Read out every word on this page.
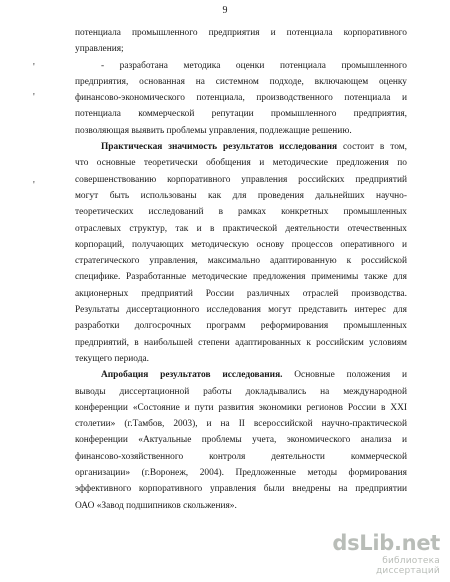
9
'
'
'

потенциала промышленного предприятия и потенциала корпоративного

управления;

- разработана методика оценки потенциала промышленного

предприятия, основанная на системном подходе, включающем оценку

финансово-экономического потенциала, производственного потенциала и

потенциала коммерческой репутации промышленного предприятия,

позволяющая выявить проблемы управления, подлежащие решению.

Практическая значимость результатов исследования состоит в том,

что основные теоретически обобщения и методические предложения по

совершенствованию корпоративного управления российских предприятий

могут быть использованы как для проведения дальнейших научно-

теоретических исследований в рамках конкретных промышленных

отраслевых структур, так и в практической деятельности отечественных

корпораций, получающих методическую основу процессов оперативного и

стратегического управления, максимально адаптированную к российской

специфике. Разработанные методические предложения применимы также для

акционерных предприятий России различных отраслей производства.

Результаты диссертационного исследования могут представить интерес для

разработки долгосрочных программ реформирования промышленных

предприятий, в наибольшей степени адаптированных к российским условиям

текущего периода.

Апробация результатов исследования. Основные положения и

выводы диссертационной работы докладывались на международной

конференции «Состояние и пути развития экономики регионов России в XXI

столетии» (г.Тамбов, 2003), и на II всероссийской научно-практической

конференции «Актуальные проблемы учета, экономического анализа и

финансово-хозяйственного контроля деятельности коммерческой

организации» (г.Воронеж, 2004). Предложенные методы формирования

эффективного корпоративного управления были внедрены на предприятии

ОАО «Завод подшипников скольжения».

dsLib.net
библиотека диссертаций
